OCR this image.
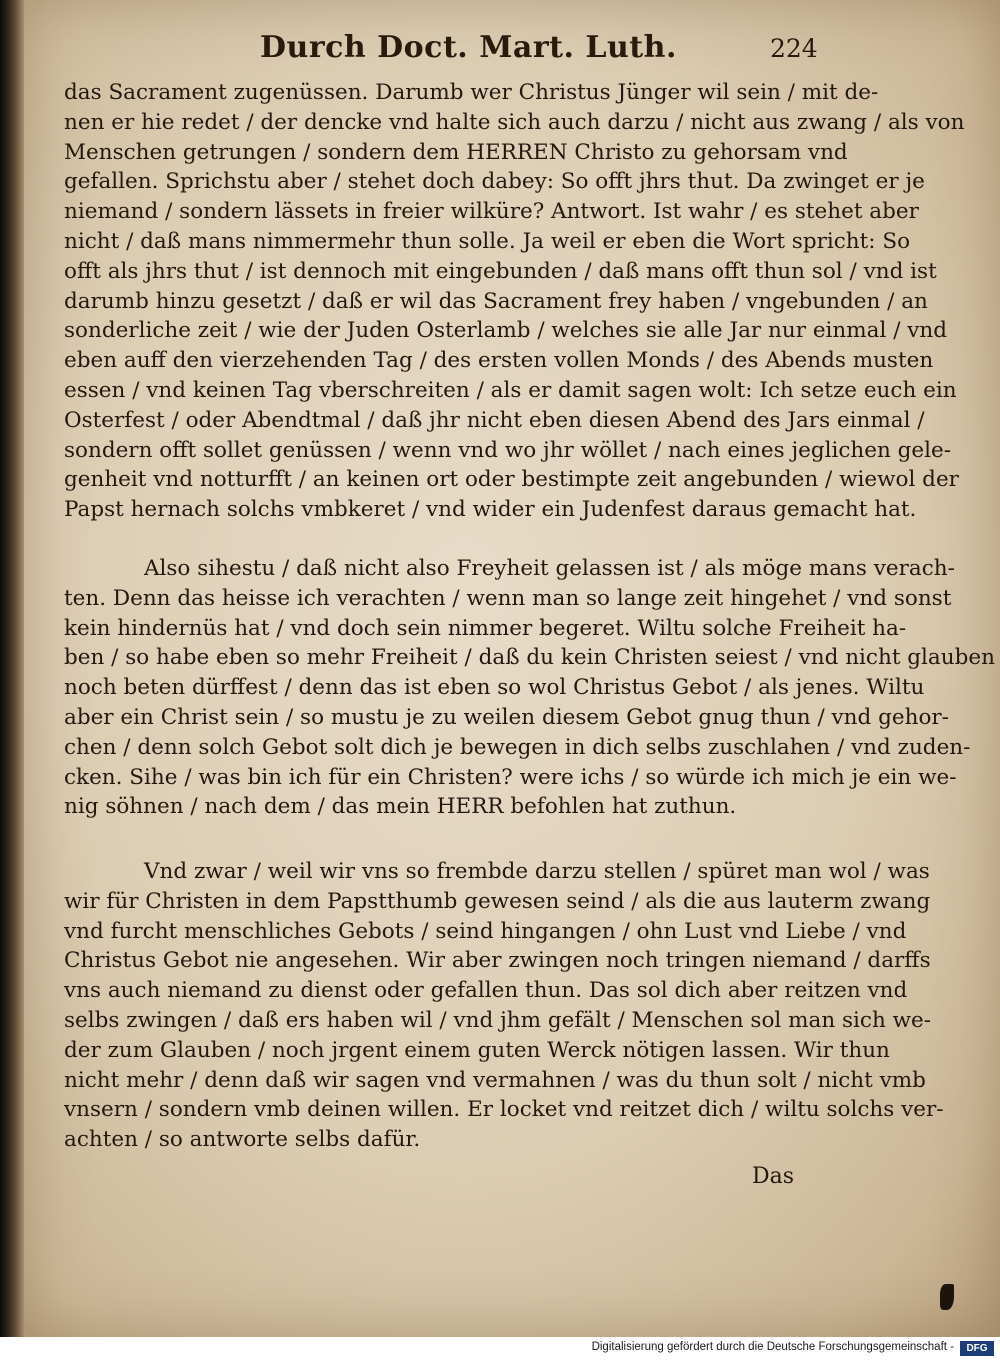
Durch Doct. Mart. Luth.	224
das Sacrament zugenüssen. Darumb wer Christus Jünger wil sein / mit de-
nen er hie redet / der dencke vnd halte sich auch darzu / nicht aus zwang / als von
Menschen getrungen / sondern dem HERREN Christo zu gehorsam vnd
gefallen. Sprichstu aber / stehet doch dabey: So offt jhrs thut. Da zwinget er je
niemand / sondern lässets in freier wilküre? Antwort. Ist wahr / es stehet aber
nicht / daß mans nimmermehr thun solle. Ja weil er eben die Wort spricht: So
offt als jhrs thut / ist dennoch mit eingebunden / daß mans offt thun sol / vnd ist
darumb hinzu gesetzt / daß er wil das Sacrament frey haben / vngebunden / an
sonderliche zeit / wie der Juden Osterlamb / welches sie alle Jar nur einmal / vnd
eben auff den vierzehenden Tag / des ersten vollen Monds / des Abends musten
essen / vnd keinen Tag vberschreiten / als er damit sagen wolt: Ich setze euch ein
Osterfest / oder Abendtmal / daß jhr nicht eben diesen Abend des Jars einmal /
sondern offt sollet genüssen / wenn vnd wo jhr wöllet / nach eines jeglichen gele-
genheit vnd notturfft / an keinen ort oder bestimpte zeit angebunden / wiewol der
Papst hernach solchs vmbkeret / vnd wider ein Judenfest daraus gemacht hat.
Also sihestu / daß nicht also Freyheit gelassen ist / als möge mans verach-
ten. Denn das heisse ich verachten / wenn man so lange zeit hingehet / vnd sonst
kein hindernüs hat / vnd doch sein nimmer begeret. Wiltu solche Freiheit ha-
ben / so habe eben so mehr Freiheit / daß du kein Christen seiest / vnd nicht glauben
noch beten dürffest / denn das ist eben so wol Christus Gebot / als jenes. Wiltu
aber ein Christ sein / so mustu je zu weilen diesem Gebot gnug thun / vnd gehor-
chen / denn solch Gebot solt dich je bewegen in dich selbs zuschlahen / vnd zuden-
cken. Sihe / was bin ich für ein Christen? were ichs / so würde ich mich je ein we-
nig söhnen / nach dem / das mein HERR befohlen hat zuthun.
Vnd zwar / weil wir vns so frembde darzu stellen / spüret man wol / was
wir für Christen in dem Papstthumb gewesen seind / als die aus lauterm zwang
vnd furcht menschliches Gebots / seind hingangen / ohn Lust vnd Liebe / vnd
Christus Gebot nie angesehen. Wir aber zwingen noch tringen niemand / darffs
vns auch niemand zu dienst oder gefallen thun. Das sol dich aber reitzen vnd
selbs zwingen / daß ers haben wil / vnd jhm gefält / Menschen sol man sich we-
der zum Glauben / noch jrgent einem guten Werck nötigen lassen. Wir thun
nicht mehr / denn daß wir sagen vnd vermahnen / was du thun solt / nicht vmb
vnsern / sondern vmb deinen willen. Er locket vnd reitzet dich / wiltu solchs ver-
achten / so antworte selbs dafür.
Das
Digitalisierung gefördert durch die Deutsche Forschungsgemeinschaft -	DFG
